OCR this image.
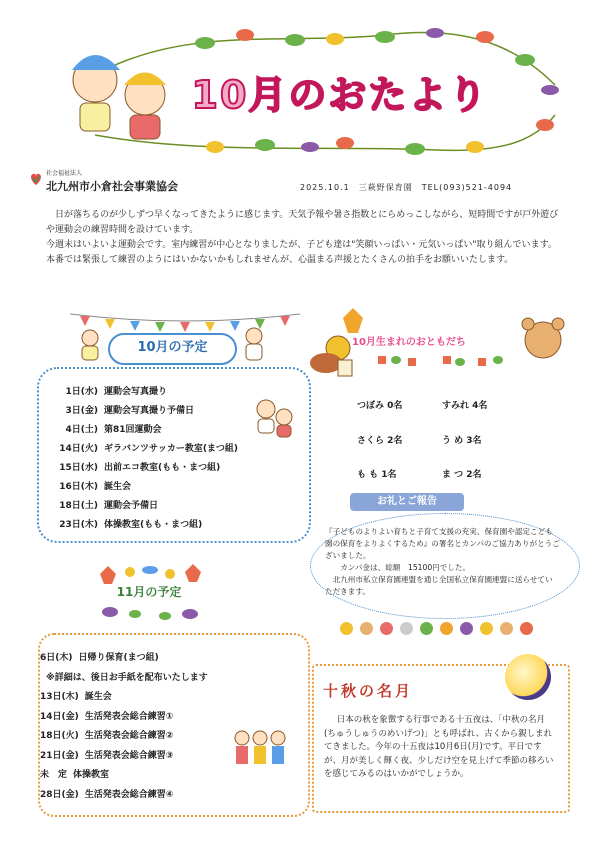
10月のおたより
社会福祉法人
北九州市小倉社会事業協会	2025.10.1　三萩野保育園　TEL(093)521-4094

日が落ちるのが少しずつ早くなってきたように感じます。天気予報や暑さ指数とにらめっこしながら、短時間ですが戸外遊びや運動会の練習時間を設けています。

今週末はいよいよ運動会です。室内練習が中心となりましたが、子ども達は"笑顔いっぱい・元気いっぱい"取り組んでいます。本番では緊張して練習のようにはいかないかもしれませんが、心温まる声援とたくさんの拍手をお願いいたします。

10月の予定
1日(水) 運動会写真撮り
3日(金) 運動会写真撮り予備日
4日(土) 第81回運動会
14日(火) ギラバンツサッカー教室(まつ組)
15日(水) 出前エコ教室(もも・まつ組)
16日(木) 誕生会
18日(土) 運動会予備日
23日(木) 体操教室(もも・まつ組)
10月生まれのおともだち
つぼみ 0名	すみれ 4名
さくら 2名	う め 3名
も も 1名	ま つ 2名
お礼とご報告

『子どものよりよい育ちと子育て支援の充実、保育園や認定こども園の保育をよりよくするため』の署名とカンパのご協力ありがとうございました。

カンパ金は、総額　15100円でした。

北九州市私立保育園連盟を通じ全国私立保育園連盟に送らせていただきます。

11月の予定
6日(木) 日帰り保育(まつ組)
※詳細は、後日お手紙を配布いたします
13日(木) 誕生会
14日(金) 生活発表会総合練習①
18日(火) 生活発表会総合練習②
21日(金) 生活発表会総合練習③
未　定 体操教室
28日(金) 生活発表会総合練習④
十秋の名月
日本の秋を象徴する行事である十五夜は、「中秋の名月(ちゅうしゅうのめいげつ)」とも呼ばれ、古くから親しまれてきました。今年の十五夜は10月6日(月)です。平日ですが、月が美しく輝く夜、少しだけ空を見上げて季節の移ろいを感じてみるのはいかがでしょうか。
